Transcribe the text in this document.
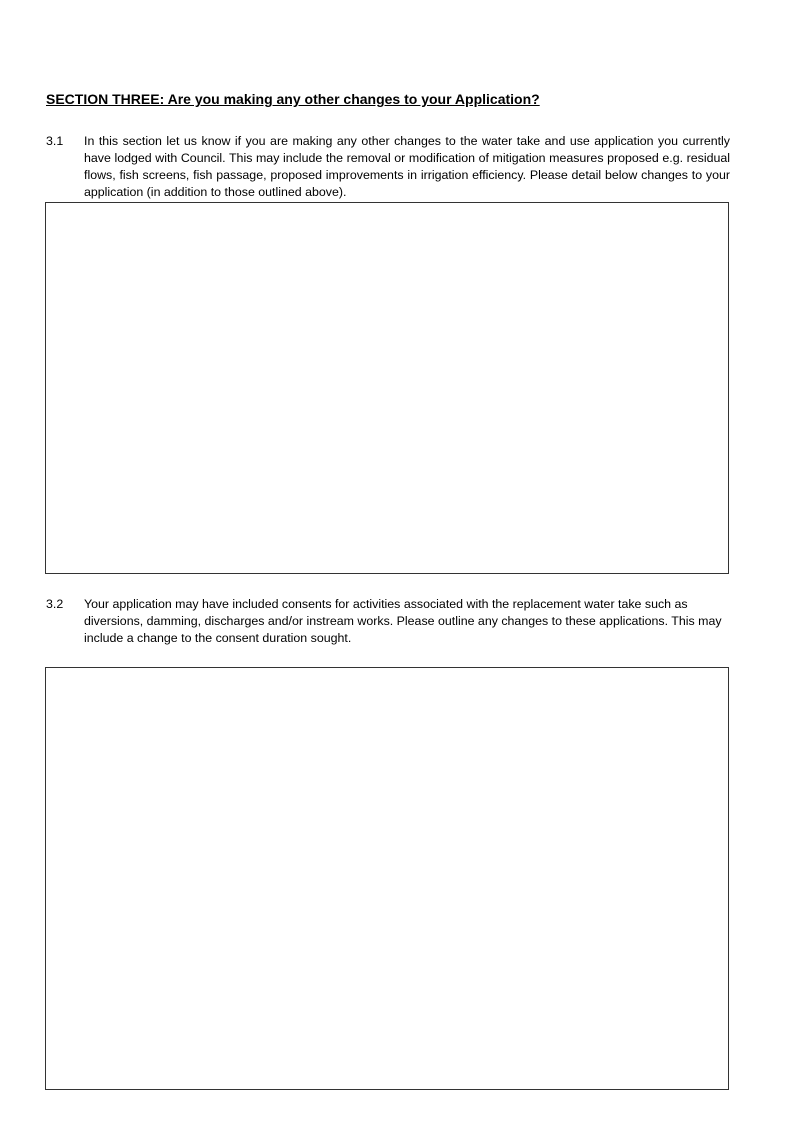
SECTION THREE: Are you making any other changes to your Application?
3.1 In this section let us know if you are making any other changes to the water take and use application you currently have lodged with Council. This may include the removal or modification of mitigation measures proposed e.g. residual flows, fish screens, fish passage, proposed improvements in irrigation efficiency. Please detail below changes to your application (in addition to those outlined above).

3.2 Your application may have included consents for activities associated with the replacement water take such as diversions, damming, discharges and/or instream works. Please outline any changes to these applications. This may include a change to the consent duration sought.
